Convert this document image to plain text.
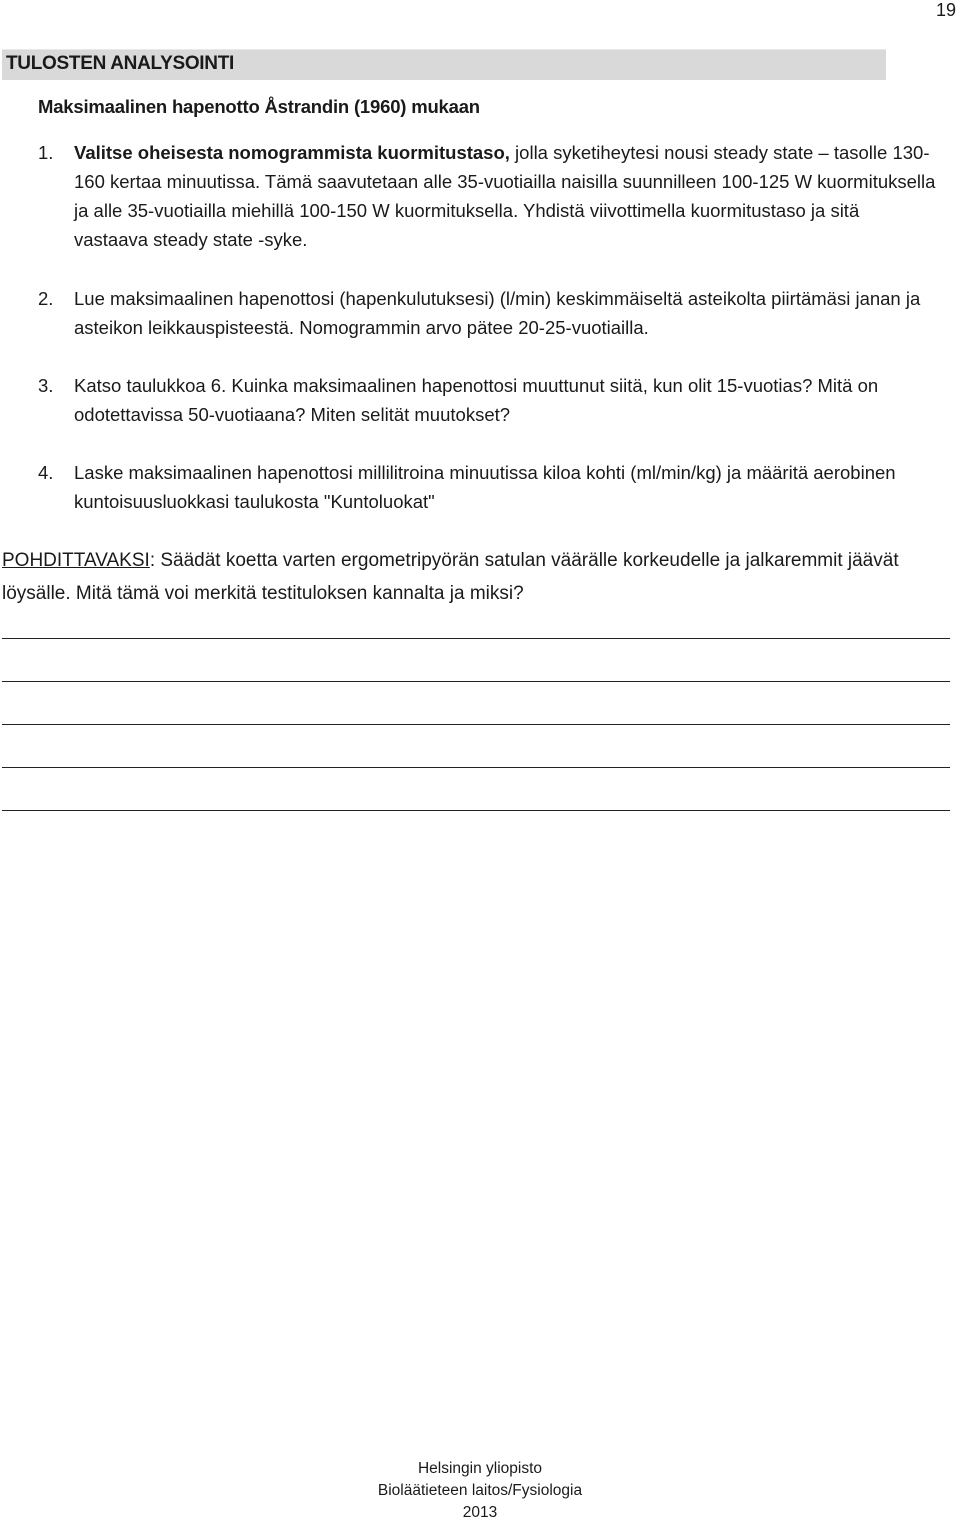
19
TULOSTEN ANALYSOINTI
Maksimaalinen hapenotto Åstrandin (1960) mukaan
1. Valitse oheisesta nomogrammista kuormitustaso, jolla syketiheytesi nousi steady state – tasolle 130-160 kertaa minuutissa. Tämä saavutetaan alle 35-vuotiailla naisilla suunnilleen 100-125 W kuormituksella ja alle 35-vuotiailla miehillä 100-150 W kuormituksella. Yhdistä viivottimella kuormitustaso ja sitä vastaava steady state -syke.
2. Lue maksimaalinen hapenottosi (hapenkulutuksesi) (l/min) keskimmäiseltä asteikolta piirtämäsi janan ja asteikon leikkauspisteestä. Nomogrammin arvo pätee 20-25-vuotiailla.
3. Katso taulukkoa 6. Kuinka maksimaalinen hapenottosi muuttunut siitä, kun olit 15-vuotias? Mitä on odotettavissa 50-vuotiaana? Miten selität muutokset?
4. Laske maksimaalinen hapenottosi millilitroina minuutissa kiloa kohti (ml/min/kg) ja määritä aerobinen kuntoisuusluokkasi taulukosta "Kuntoluokat"
POHDITTAVAKSI: Säädät koetta varten ergometripyörän satulan väärälle korkeudelle ja jalkaremmit jäävät löysälle. Mitä tämä voi merkitä testituloksen kannalta ja miksi?
Helsingin yliopisto
Bioläätieteen laitos/Fysiologia
2013
